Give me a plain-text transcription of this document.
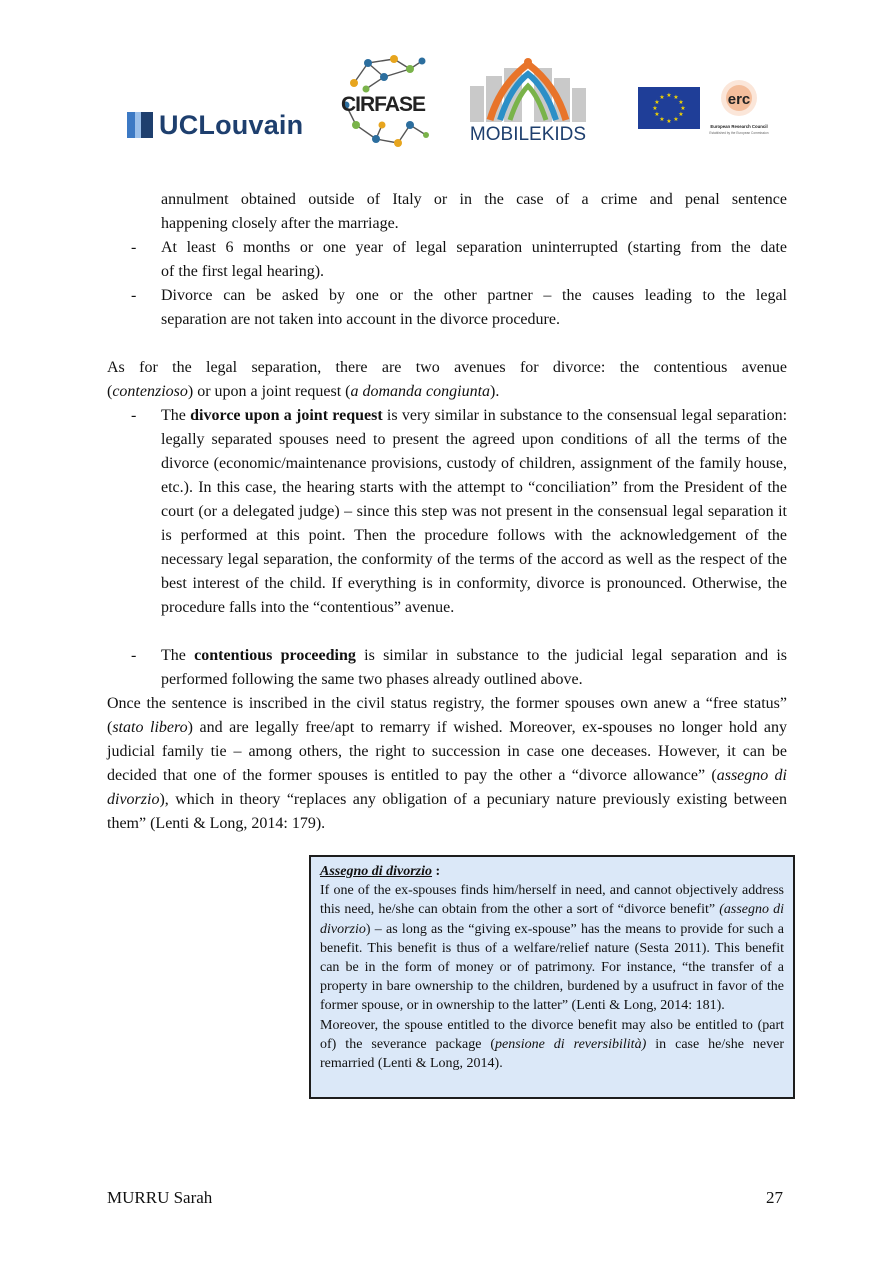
UCLouvain
CIRFASE
MOBILEKIDS
★ ★
★
★
★
★
★
★
★
★
★
★	erc
European Research Council
Established by the European Commission
annulment obtained outside of Italy or in the case of a crime and penal sentence
happening closely after the marriage.
- At least 6 months or one year of legal separation uninterrupted (starting from the date
of the first legal hearing).
- Divorce can be asked by one or the other partner – the causes leading to the legal
separation are not taken into account in the divorce procedure.
As for the legal separation, there are two avenues for divorce: the contentious avenue
(contenzioso) or upon a joint request (a domanda congiunta).
- The divorce upon a joint request is very similar in substance to the consensual legal separation: legally separated spouses need to present the agreed upon conditions of all the terms of the divorce (economic/maintenance provisions, custody of children, assignment of the family house, etc.). In this case, the hearing starts with the attempt to “conciliation” from the President of the court (or a delegated judge) – since this step was not present in the consensual legal separation it is performed at this point. Then the procedure follows with the acknowledgement of the necessary legal separation, the conformity of the terms of the accord as well as the respect of the best interest of the child. If everything is in conformity, divorce is pronounced. Otherwise, the procedure falls into the “contentious” avenue.
- The contentious proceeding is similar in substance to the judicial legal separation and is performed following the same two phases already outlined above.
Once the sentence is inscribed in the civil status registry, the former spouses own anew a “free status” (stato libero) and are legally free/apt to remarry if wished. Moreover, ex-spouses no longer hold any judicial family tie – among others, the right to succession in case one deceases. However, it can be decided that one of the former spouses is entitled to pay the other a “divorce allowance” (assegno di divorzio), which in theory “replaces any obligation of a pecuniary nature previously existing between them” (Lenti & Long, 2014: 179).
Assegno di divorzio :
If one of the ex-spouses finds him/herself in need, and cannot objectively address this need, he/she can obtain from the other a sort of “divorce benefit” (assegno di divorzio) – as long as the “giving ex-spouse” has the means to provide for such a benefit. This benefit is thus of a welfare/relief nature (Sesta 2011). This benefit can be in the form of money or of patrimony. For instance, “the transfer of a property in bare ownership to the children, burdened by a usufruct in favor of the former spouse, or in ownership to the latter” (Lenti & Long, 2014: 181).
Moreover, the spouse entitled to the divorce benefit may also be entitled to (part of) the severance package (pensione di reversibilità) in case he/she never remarried (Lenti & Long, 2014).
MURRU Sarah	27
